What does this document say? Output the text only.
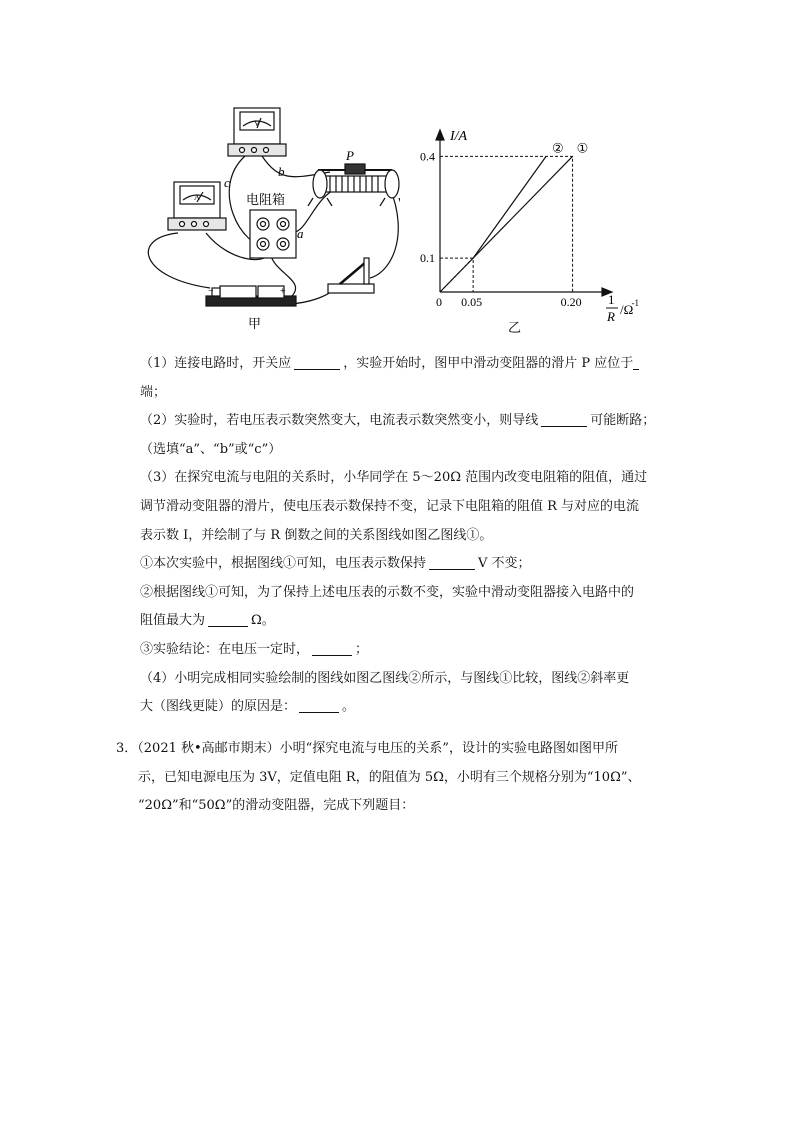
V
A	电阻箱
P
−	+
c
b
a
甲
①
②
0.05	0.20
0.1
0.4
I/A
0	1
R /Ω
-1
乙
（1）连接电路时，开关应	，实验开始时，图甲中滑动变阻器的滑片 P 应位于
端；
（2）实验时，若电压表示数突然变大，电流表示数突然变小，则导线	可能断路；
（选填“a”、“b”或“c”）
（3）在探究电流与电阻的关系时，小华同学在 5～20Ω 范围内改变电阻箱的阻值，通过
调节滑动变阻器的滑片，使电压表示数保持不变，记录下电阻箱的阻值 R 与对应的电流
表示数 I，并绘制了与 R 倒数之间的关系图线如图乙图线①。
①本次实验中，根据图线①可知，电压表示数保持	V 不变；
②根据图线①可知，为了保持上述电压表的示数不变，实验中滑动变阻器接入电路中的
阻值最大为	Ω。
③实验结论：在电压一定时，	；
（4）小明完成相同实验绘制的图线如图乙图线②所示，与图线①比较，图线②斜率更
大（图线更陡）的原因是：	。
3．（2021 秋•高邮市期末）小明“探究电流与电压的关系”，设计的实验电路图如图甲所
示，已知电源电压为 3V，定值电阻 R，的阻值为 5Ω，小明有三个规格分别为“10Ω”、
“20Ω”和“50Ω”的滑动变阻器，完成下列题目：
